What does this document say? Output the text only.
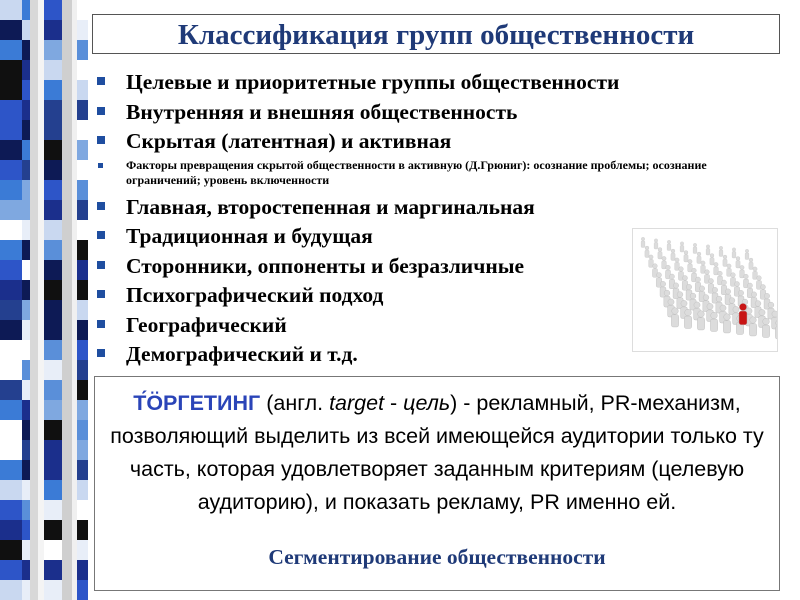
Классификация групп общественности
Целевые и приоритетные группы общественности
Внутренняя и внешняя общественность
Скрытая (латентная) и активная
Факторы превращения скрытой общественности в активную (Д.Грюниг): осознание проблемы; осознание ограничений; уровень включенности
Главная, второстепенная и маргинальная
Традиционная и будущая
Сторонники, оппоненты и безразличные
Психографический подход
Географический
Демографический и т.д.
Т́ӦРГЕТИНГ (англ. target - цель) - рекламный, PR-механизм, позволяющий выделить из всей имеющейся аудитории только ту часть, которая удовлетворяет заданным критериям (целевую аудиторию), и показать рекламу, PR именно ей.
Сегментирование общественности
